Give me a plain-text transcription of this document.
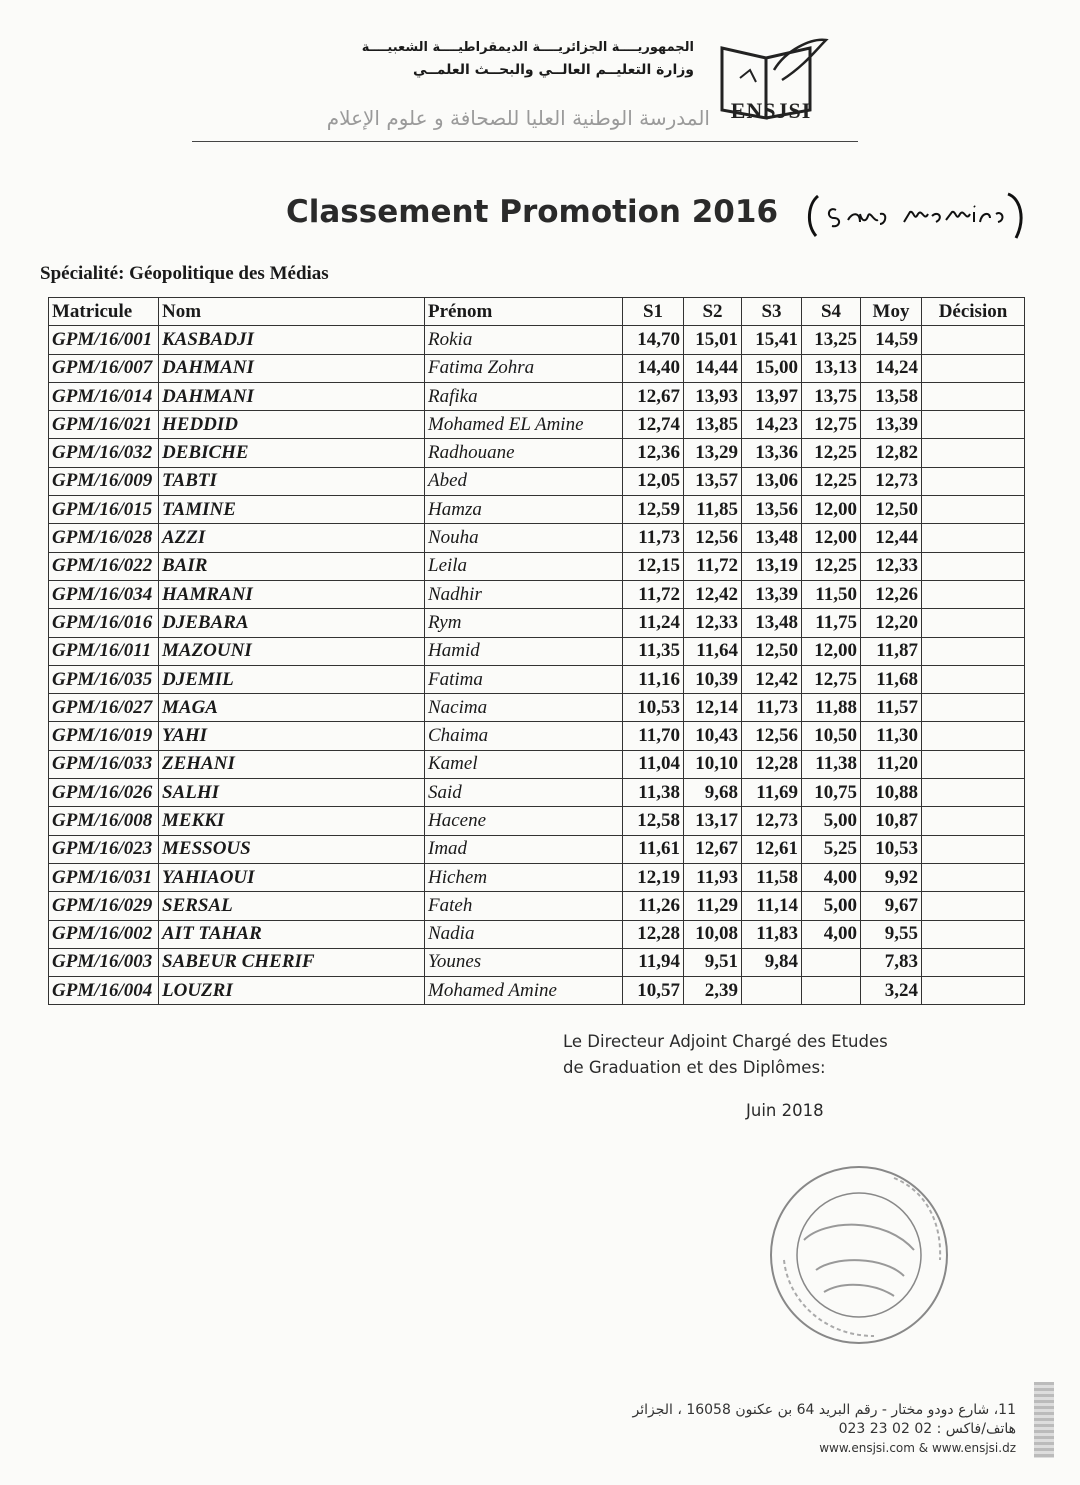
ENSJSI
الجمهوريــــة الجزائريــــة الديمقراطيــــة الشعبيــــة
وزارة التعليــم العالــي والبحــث العلمــي
المدرسة الوطنية العليا للصحافة و علوم الإعلام
Classement Promotion 2016
Spécialité: Géopolitique des Médias
Matricule	Nom	Prénom	S1	S2	S3	S4	Moy	Décision
GPM/16/001	KASBADJI	Rokia	14,70	15,01	15,41	13,25	14,59	
GPM/16/007	DAHMANI	Fatima Zohra	14,40	14,44	15,00	13,13	14,24	
GPM/16/014	DAHMANI	Rafika	12,67	13,93	13,97	13,75	13,58	
GPM/16/021	HEDDID	Mohamed EL Amine	12,74	13,85	14,23	12,75	13,39	
GPM/16/032	DEBICHE	Radhouane	12,36	13,29	13,36	12,25	12,82	
GPM/16/009	TABTI	Abed	12,05	13,57	13,06	12,25	12,73	
GPM/16/015	TAMINE	Hamza	12,59	11,85	13,56	12,00	12,50	
GPM/16/028	AZZI	Nouha	11,73	12,56	13,48	12,00	12,44	
GPM/16/022	BAIR	Leila	12,15	11,72	13,19	12,25	12,33	
GPM/16/034	HAMRANI	Nadhir	11,72	12,42	13,39	11,50	12,26	
GPM/16/016	DJEBARA	Rym	11,24	12,33	13,48	11,75	12,20	
GPM/16/011	MAZOUNI	Hamid	11,35	11,64	12,50	12,00	11,87	
GPM/16/035	DJEMIL	Fatima	11,16	10,39	12,42	12,75	11,68	
GPM/16/027	MAGA	Nacima	10,53	12,14	11,73	11,88	11,57	
GPM/16/019	YAHI	Chaima	11,70	10,43	12,56	10,50	11,30	
GPM/16/033	ZEHANI	Kamel	11,04	10,10	12,28	11,38	11,20	
GPM/16/026	SALHI	Said	11,38	9,68	11,69	10,75	10,88	
GPM/16/008	MEKKI	Hacene	12,58	13,17	12,73	5,00	10,87	
GPM/16/023	MESSOUS	Imad	11,61	12,67	12,61	5,25	10,53	
GPM/16/031	YAHIAOUI	Hichem	12,19	11,93	11,58	4,00	9,92	
GPM/16/029	SERSAL	Fateh	11,26	11,29	11,14	5,00	9,67	
GPM/16/002	AIT TAHAR	Nadia	12,28	10,08	11,83	4,00	9,55	
GPM/16/003	SABEUR CHERIF	Younes	11,94	9,51	9,84		7,83	
GPM/16/004	LOUZRI	Mohamed Amine	10,57	2,39			3,24	
Le Directeur Adjoint Chargé des Etudes
de Graduation et des Diplômes:
Juin 2018
11، شارع دودو مختار - رقم البريد 64 بن عكنون 16058 ، الجزائر
هاتف/فاكس : 02 02 23 023
www.ensjsi.com & www.ensjsi.dz
